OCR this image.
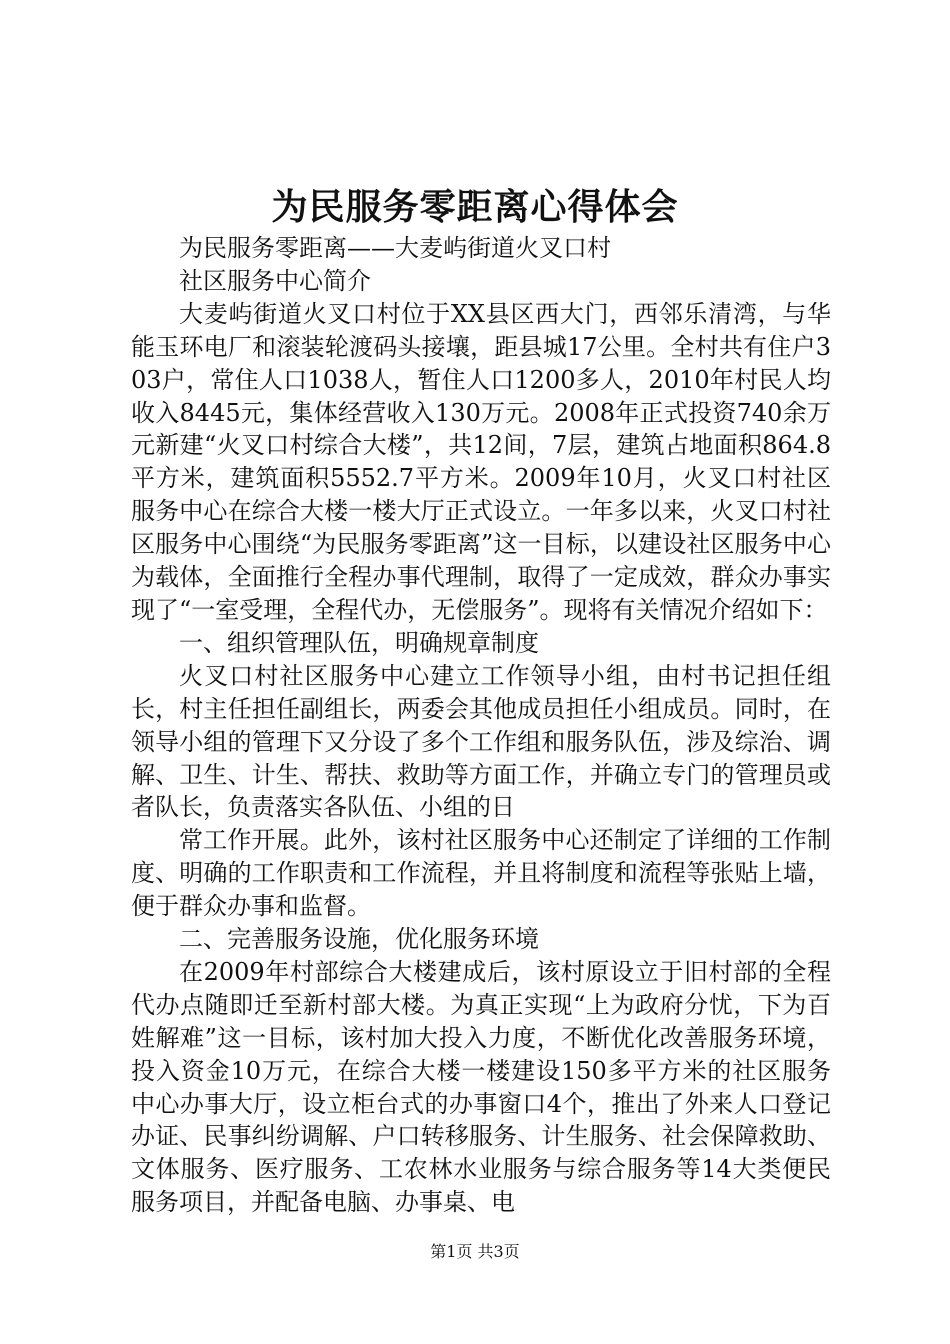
为民服务零距离心得体会

为民服务零距离——大麦屿街道火叉口村

社区服务中心简介

大麦屿街道火叉口村位于XX县区西大门，西邻乐清湾，与华能玉环电厂和滚装轮渡码头接壤，距县城17公里。全村共有住户303户，常住人口1038人，暂住人口1200多人，2010年村民人均收入8445元，集体经营收入130万元。2008年正式投资740余万元新建“火叉口村综合大楼”，共12间，7层，建筑占地面积864.8平方米，建筑面积5552.7平方米。2009年10月，火叉口村社区服务中心在综合大楼一楼大厅正式设立。一年多以来，火叉口村社区服务中心围绕“为民服务零距离”这一目标，以建设社区服务中心为载体，全面推行全程办事代理制，取得了一定成效，群众办事实现了“一室受理，全程代办，无偿服务”。现将有关情况介绍如下：

一、组织管理队伍，明确规章制度

火叉口村社区服务中心建立工作领导小组，由村书记担任组长，村主任担任副组长，两委会其他成员担任小组成员。同时，在领导小组的管理下又分设了多个工作组和服务队伍，涉及综治、调解、卫生、计生、帮扶、救助等方面工作，并确立专门的管理员或者队长，负责落实各队伍、小组的日

常工作开展。此外，该村社区服务中心还制定了详细的工作制度、明确的工作职责和工作流程，并且将制度和流程等张贴上墙，便于群众办事和监督。

二、完善服务设施，优化服务环境

在2009年村部综合大楼建成后，该村原设立于旧村部的全程代办点随即迁至新村部大楼。为真正实现“上为政府分忧，下为百姓解难”这一目标，该村加大投入力度，不断优化改善服务环境，投入资金10万元，在综合大楼一楼建设150多平方米的社区服务中心办事大厅，设立柜台式的办事窗口4个，推出了外来人口登记办证、民事纠纷调解、户口转移服务、计生服务、社会保障救助、文体服务、医疗服务、工农林水业服务与综合服务等14大类便民服务项目，并配备电脑、办事桌、电

第1页 共3页
